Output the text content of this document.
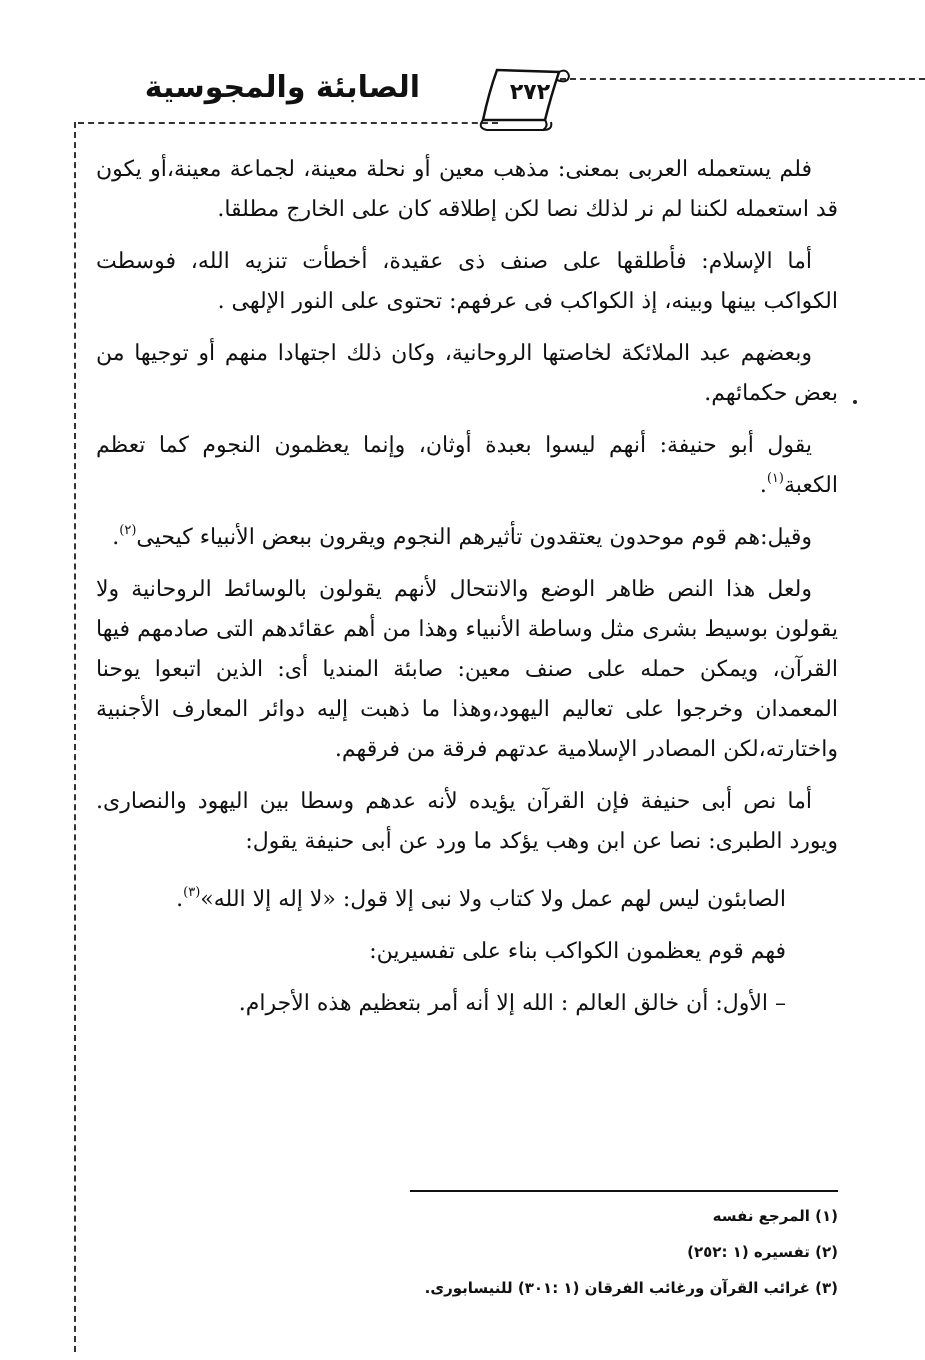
الصابئة والمجوسية	٢٧٢

فلم يستعمله العربى بمعنى: مذهب معين أو نحلة معينة، لجماعة معينة،أو يكون قد استعمله لكننا لم نر لذلك نصا لكن إطلاقه كان على الخارج مطلقا.

أما الإسلام: فأطلقها على صنف ذى عقيدة، أخطأت تنزيه الله، فوسطت الكواكب بينها وبينه، إذ الكواكب فى عرفهم: تحتوى على النور الإلهى .

وبعضهم عبد الملائكة لخاصتها الروحانية، وكان ذلك اجتهادا منهم أو توجيها من بعض حكمائهم.

يقول أبو حنيفة: أنهم ليسوا بعبدة أوثان، وإنما يعظمون النجوم كما تعظم الكعبة$^{(١)}$.

وقيل:هم قوم موحدون يعتقدون تأثيرهم النجوم ويقرون ببعض الأنبياء كيحيى$^{(٢)}$.

ولعل هذا النص ظاهر الوضع والانتحال لأنهم يقولون بالوسائط الروحانية ولا يقولون بوسيط بشرى مثل وساطة الأنبياء وهذا من أهم عقائدهم التى صادمهم فيها القرآن، ويمكن حمله على صنف معين: صابئة المنديا أى: الذين اتبعوا يوحنا المعمدان وخرجوا على تعاليم اليهود،وهذا ما ذهبت إليه دوائر المعارف الأجنبية واختارته،لكن المصادر الإسلامية عدتهم فرقة من فرقهم.

أما نص أبى حنيفة فإن القرآن يؤيده لأنه عدهم وسطا بين اليهود والنصارى. ويورد الطبرى: نصا عن ابن وهب يؤكد ما ورد عن أبى حنيفة يقول:

الصابئون ليس لهم عمل ولا كتاب ولا نبى إلا قول: «لا إله إلا الله»$^{(٣)}$.

فهم قوم يعظمون الكواكب بناء على تفسيرين:

– الأول: أن خالق العالم : الله إلا أنه أمر بتعظيم هذه الأجرام.

(١) المرجع نفسه

(٢) تفسيره (١ :٢٥٢)

(٣) غرائب القرآن ورغائب الفرقان (١ :٣٠١) للنيسابورى.
